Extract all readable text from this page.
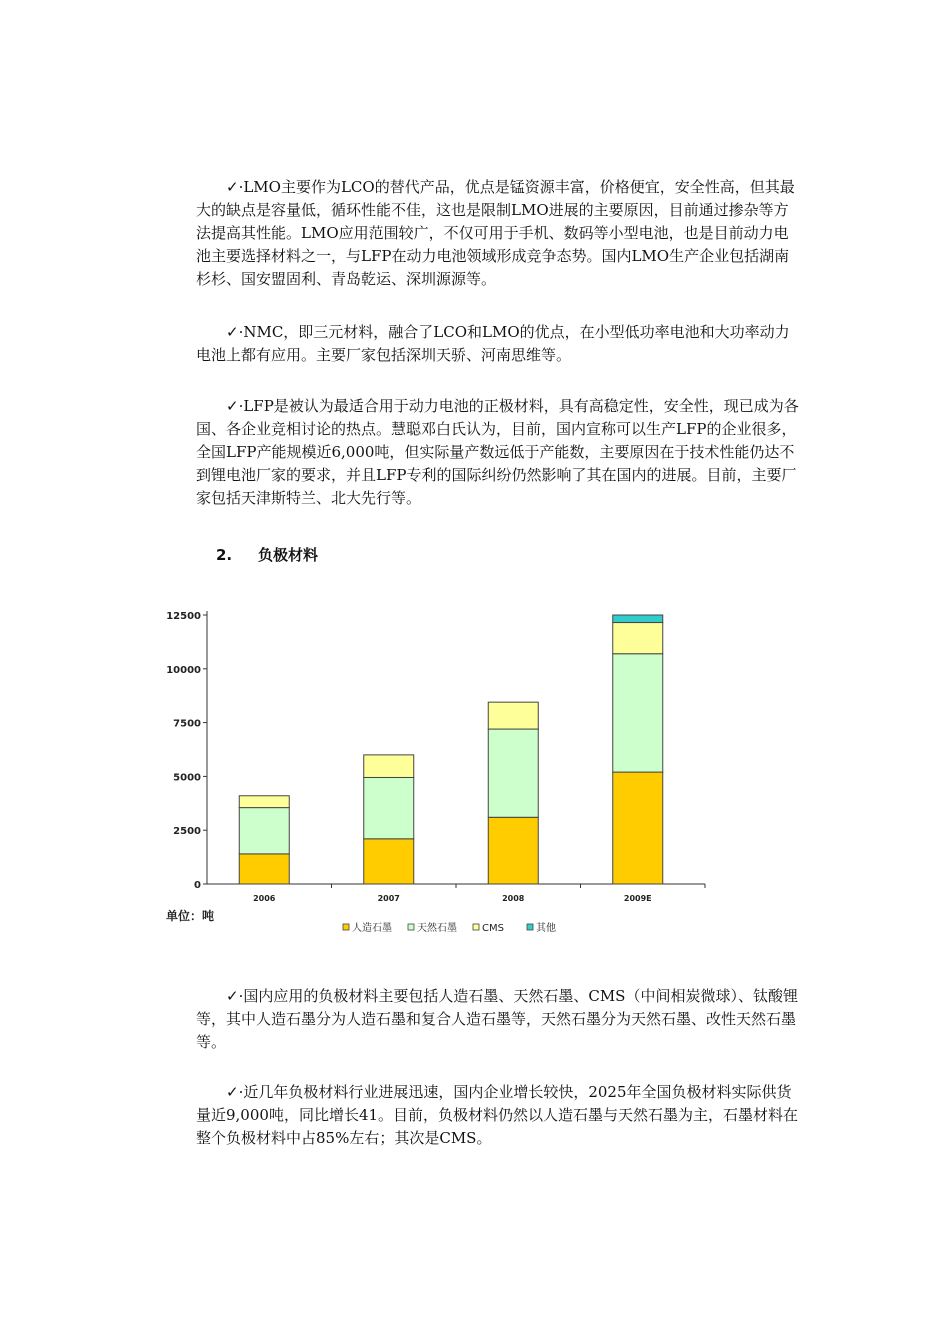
✓·LMO主要作为LCO的替代产品，优点是锰资源丰富，价格便宜，安全性高，但其最大的缺点是容量低，循环性能不佳，这也是限制LMO进展的主要原因，目前通过掺杂等方法提高其性能。LMO应用范围较广，不仅可用于手机、数码等小型电池，也是目前动力电池主要选择材料之一，与LFP在动力电池领域形成竞争态势。国内LMO生产企业包括湖南杉杉、国安盟固利、青岛乾运、深圳源源等。

✓·NMC，即三元材料，融合了LCO和LMO的优点，在小型低功率电池和大功率动力电池上都有应用。主要厂家包括深圳天骄、河南思维等。

✓·LFP是被认为最适合用于动力电池的正极材料，具有高稳定性，安全性，现已成为各国、各企业竞相讨论的热点。慧聪邓白氏认为，目前，国内宣称可以生产LFP的企业很多，全国LFP产能规模近6,000吨，但实际量产数远低于产能数，主要原因在于技术性能仍达不到锂电池厂家的要求，并且LFP专利的国际纠纷仍然影响了其在国内的进展。目前，主要厂家包括天津斯特兰、北大先行等。

2. 负极材料
0
2500
5000
7500
10000
12500
2006	2007	2008	2009E
单位：吨
人造石墨	天然石墨	CMS	其他

✓·国内应用的负极材料主要包括人造石墨、天然石墨、CMS（中间相炭微球）、钛酸锂等，其中人造石墨分为人造石墨和复合人造石墨等，天然石墨分为天然石墨、改性天然石墨等。

✓·近几年负极材料行业进展迅速，国内企业增长较快，2025年全国负极材料实际供货量近9,000吨，同比增长41。目前，负极材料仍然以人造石墨与天然石墨为主，石墨材料在整个负极材料中占85%左右；其次是CMS。
